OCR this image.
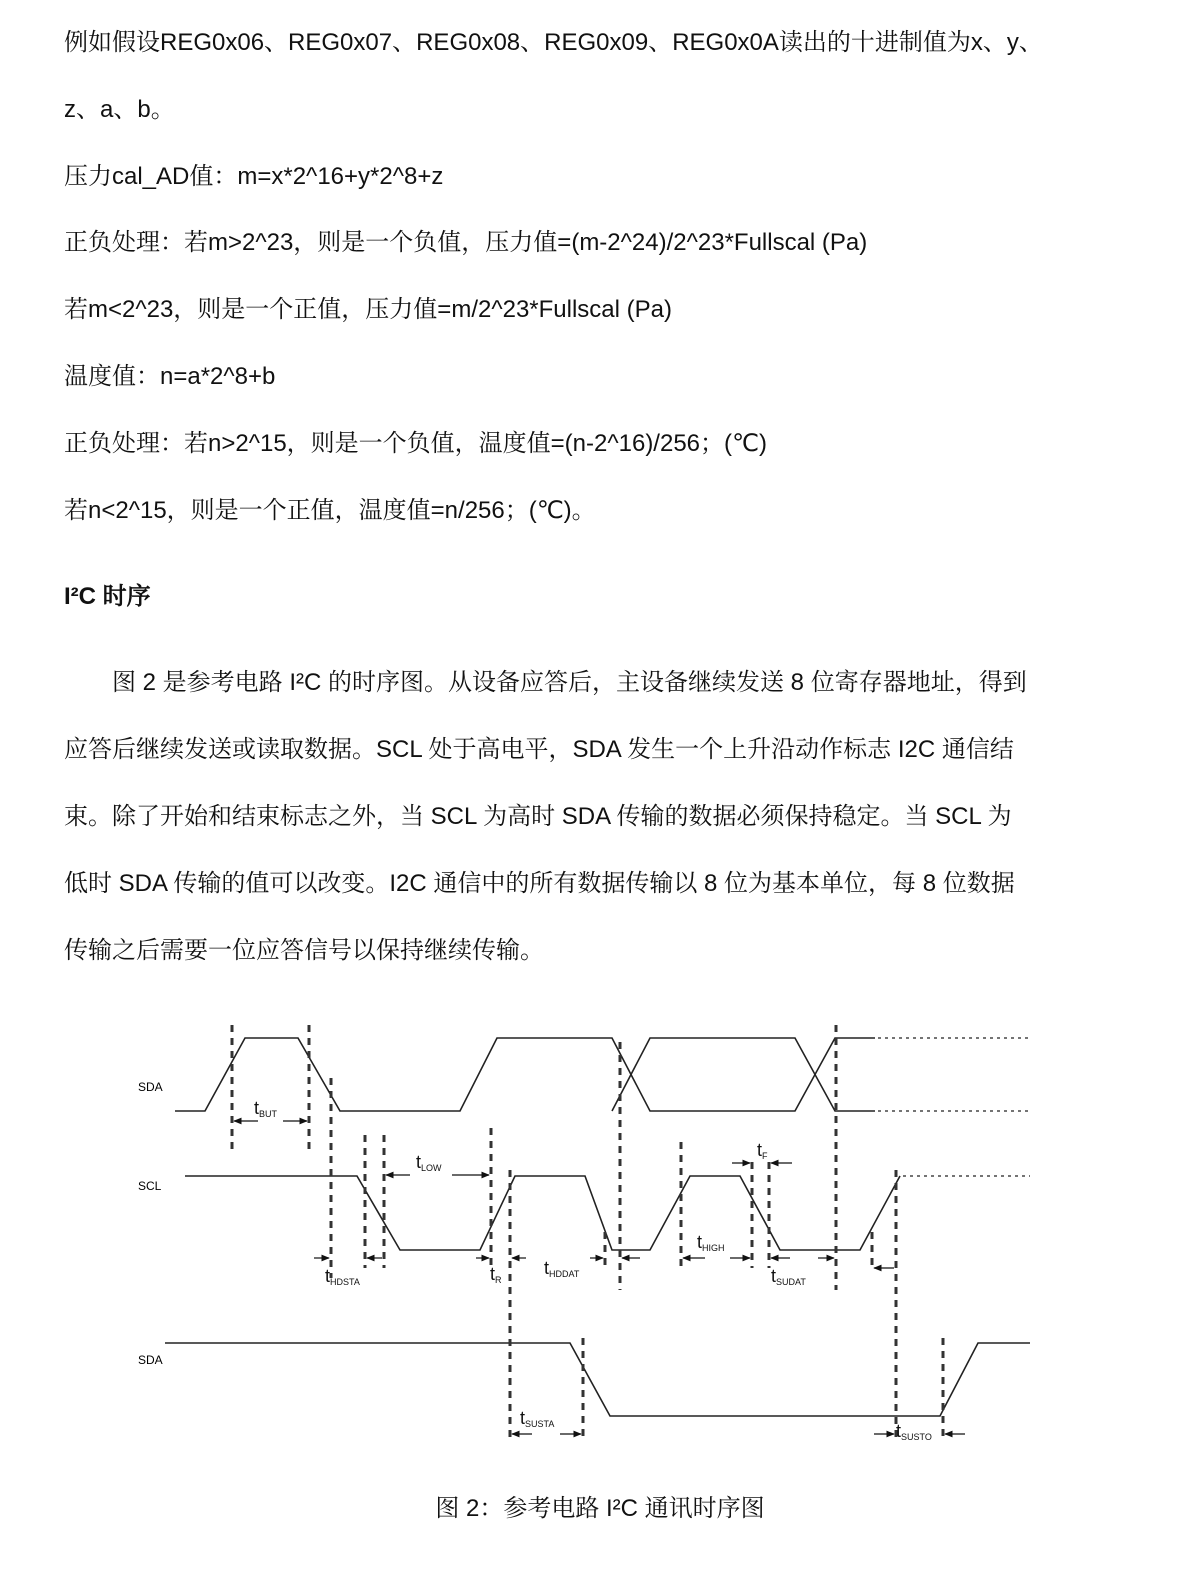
例如假设REG0x06、REG0x07、REG0x08、REG0x09、REG0x0A读出的十进制值为x、y、
z、a、b。
压力cal_AD值：m=x*2^16+y*2^8+z
正负处理：若m>2^23，则是一个负值，压力值=(m-2^24)/2^23*Fullscal (Pa)
若m<2^23，则是一个正值，压力值=m/2^23*Fullscal (Pa)
温度值：n=a*2^8+b
正负处理：若n>2^15，则是一个负值，温度值=(n-2^16)/256；(℃)
若n<2^15，则是一个正值，温度值=n/256；(℃)。
I²C 时序
　　图 2 是参考电路 I²C 的时序图。从设备应答后，主设备继续发送 8 位寄存器地址，得到
应答后继续发送或读取数据。SCL 处于高电平，SDA 发生一个上升沿动作标志 I2C 通信结
束。除了开始和结束标志之外，当 SCL 为高时 SDA 传输的数据必须保持稳定。当 SCL 为
低时 SDA 传输的值可以改变。I2C 通信中的所有数据传输以 8 位为基本单位，每 8 位数据
传输之后需要一位应答信号以保持继续传输。
SDA
SCL
SDA
tBUT
tLOW
tF
tHDSTA	tR
tHDDAT
tHIGH
tSUDAT
tSUSTA	tSUSTO
图 2：参考电路 I²C 通讯时序图
